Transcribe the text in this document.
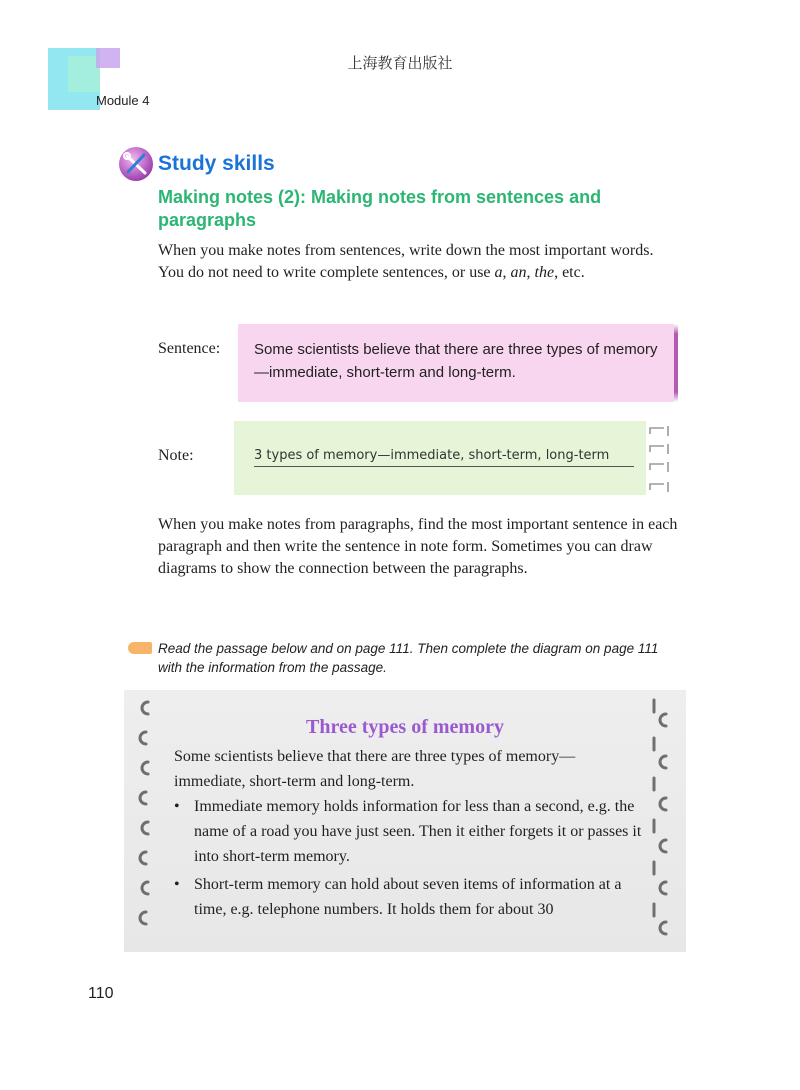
上海教育出版社
Module 4
Study skills
Making notes (2): Making notes from sentences and paragraphs
When you make notes from sentences, write down the most important words. You do not need to write complete sentences, or use a, an, the, etc.
Sentence:	Some scientists believe that there are three types of memory—immediate, short-term and long-term.
Note:	3 types of memory—immediate, short-term, long-term
When you make notes from paragraphs, find the most important sentence in each paragraph and then write the sentence in note form. Sometimes you can draw diagrams to show the connection between the paragraphs.
Read the passage below and on page 111. Then complete the diagram on page 111 with the information from the passage.
Three types of memory
Some scientists believe that there are three types of memory—immediate, short-term and long-term.
• Immediate memory holds information for less than a second, e.g. the name of a road you have just seen. Then it either forgets it or passes it into short-term memory.
• Short-term memory can hold about seven items of information at a time, e.g. telephone numbers. It holds them for about 30
110
